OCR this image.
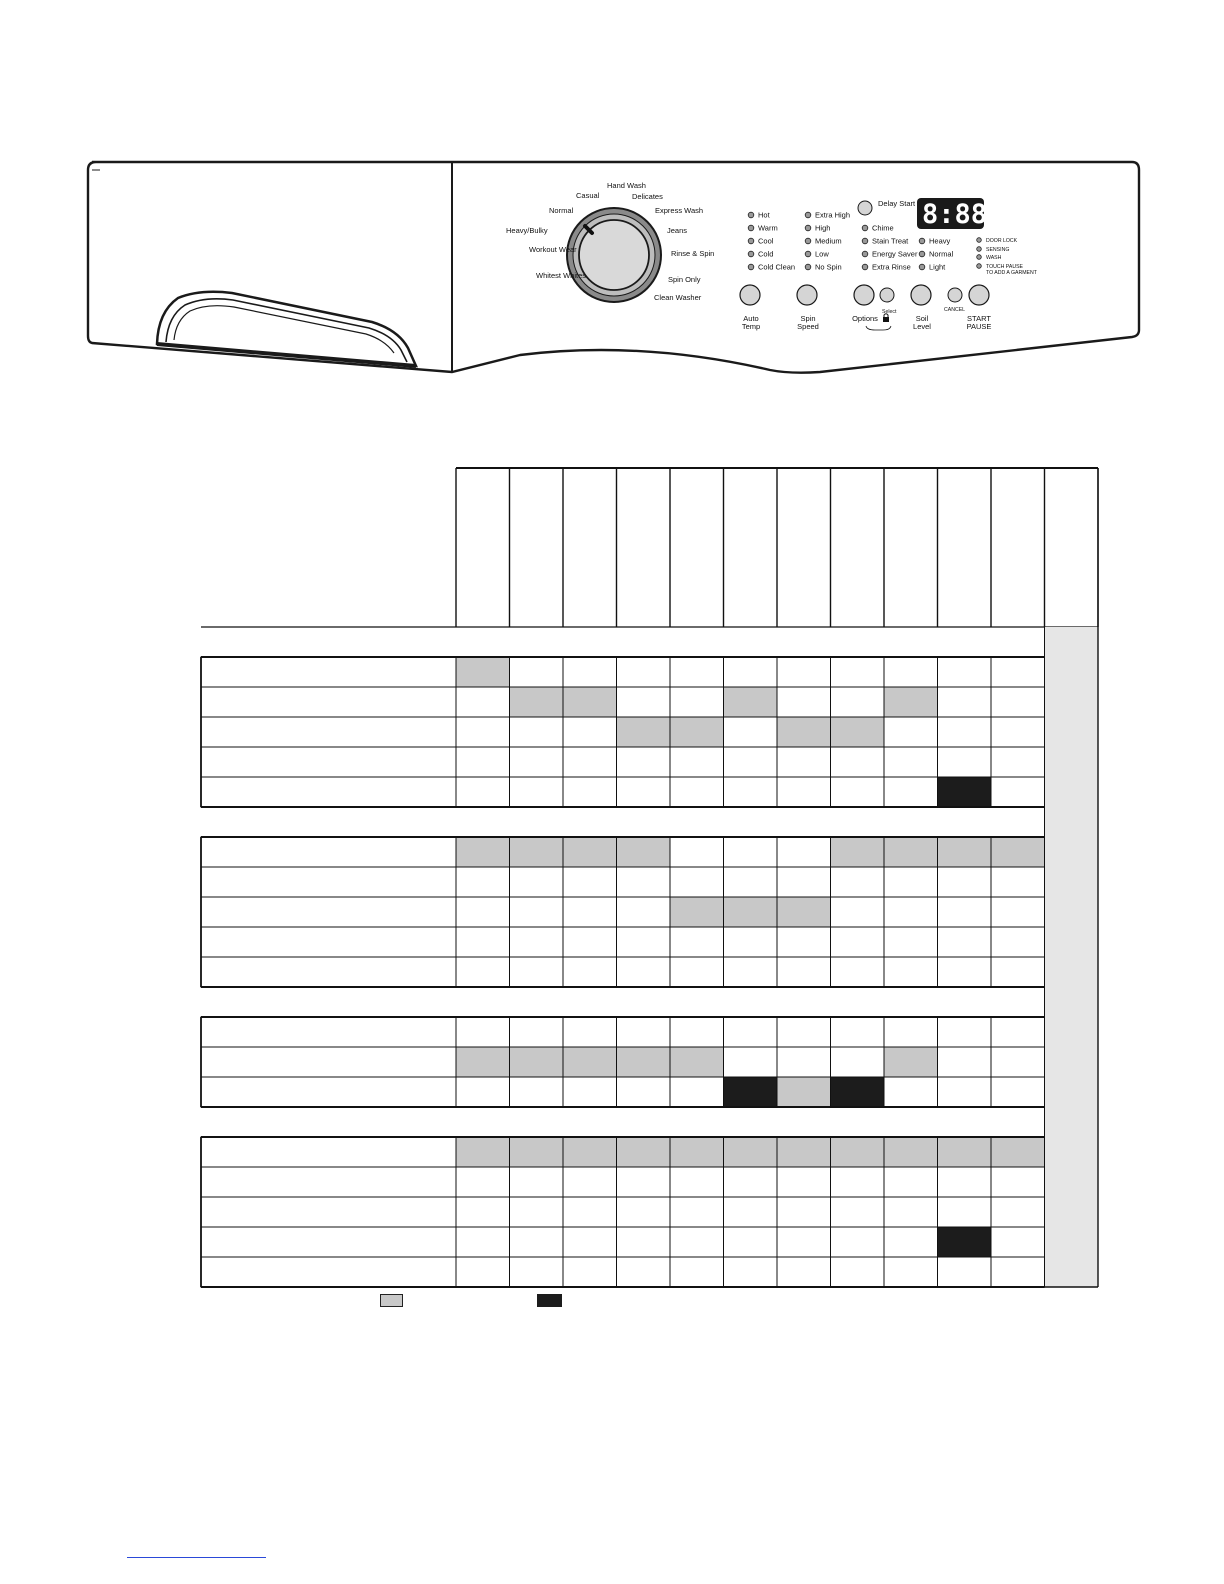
Hand Wash
Casual	Delicates
Normal	Express Wash
Heavy/Bulky	Jeans
Workout Wear	Rinse & Spin
Whitest Whites	Spin Only
Clean Washer
Delay Start 8:88
Hot
Warm
Cool
Cold
Cold Clean
Extra High
High
Medium
Low
No Spin
Chime
Stain Treat
Energy Saver
Extra Rinse
Heavy
Normal
Light
DOOR LOCK
SENSING
WASH
TOUCH PAUSE TO ADD A GARMENT
Auto Temp
Spin Speed
Options
Select
Soil Level
CANCEL
START PAUSE
